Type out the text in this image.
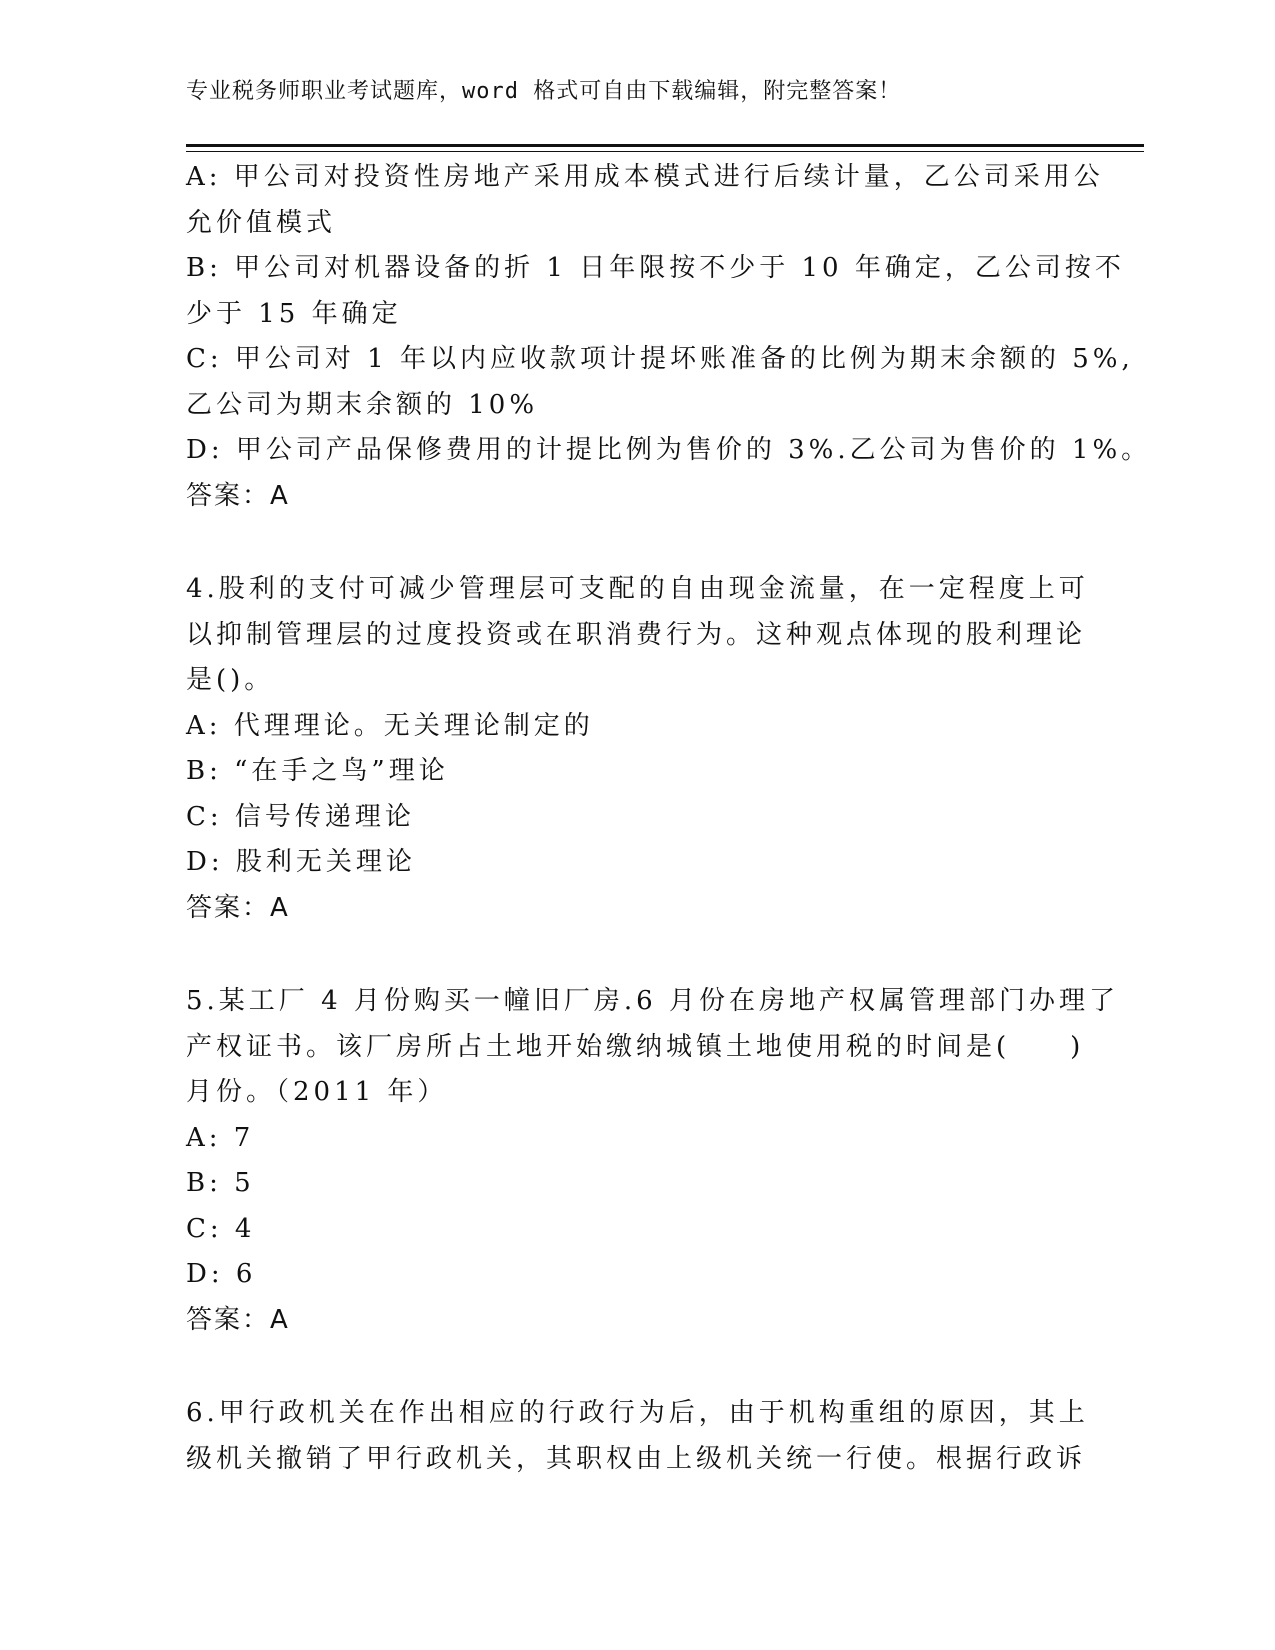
专业税务师职业考试题库，word 格式可自由下载编辑，附完整答案！
A: 甲公司对投资性房地产采用成本模式进行后续计量，乙公司采用公
允价值模式
B: 甲公司对机器设备的折 1 日年限按不少于 10 年确定，乙公司按不
少于 15 年确定
C: 甲公司对 1 年以内应收款项计提坏账准备的比例为期末余额的 5%,
乙公司为期末余额的 10%
D: 甲公司产品保修费用的计提比例为售价的 3%.乙公司为售价的 1%。
答案：A
4.股利的支付可减少管理层可支配的自由现金流量，在一定程度上可
以抑制管理层的过度投资或在职消费行为。这种观点体现的股利理论
是()。
A: 代理理论。无关理论制定的
B: “在手之鸟”理论
C: 信号传递理论
D: 股利无关理论
答案：A
5.某工厂 4 月份购买一幢旧厂房.6 月份在房地产权属管理部门办理了
产权证书。该厂房所占土地开始缴纳城镇土地使用税的时间是(　　)
月份。（2011 年）
A: 7
B: 5
C: 4
D: 6
答案：A
6.甲行政机关在作出相应的行政行为后，由于机构重组的原因，其上
级机关撤销了甲行政机关，其职权由上级机关统一行使。根据行政诉
